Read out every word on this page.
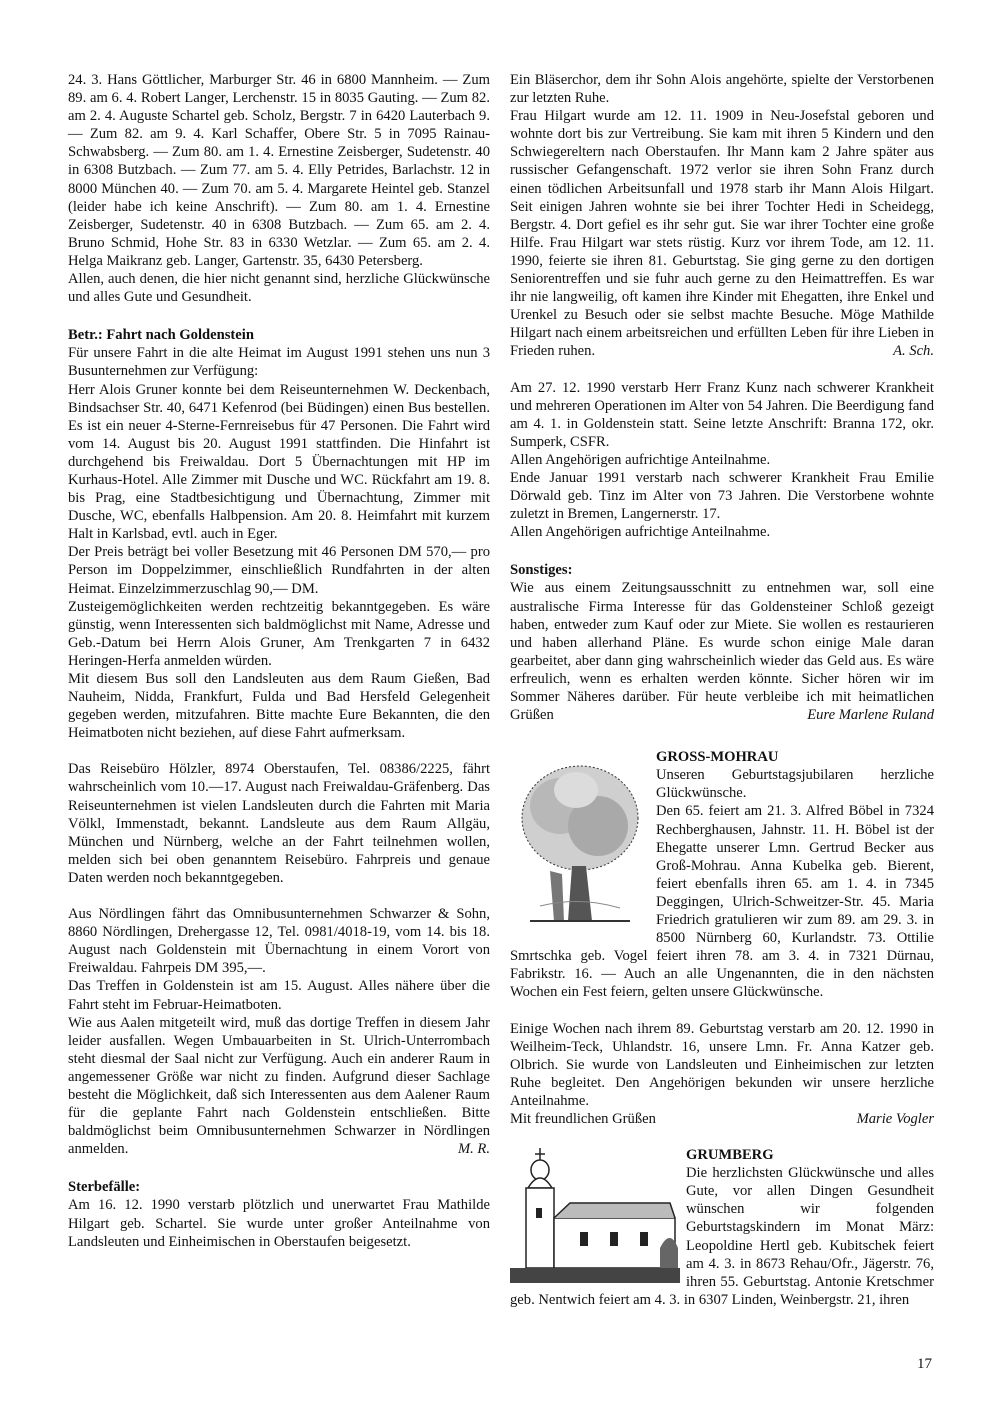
24. 3. Hans Göttlicher, Marburger Str. 46 in 6800 Mannheim. — Zum 89. am 6. 4. Robert Langer, Lerchenstr. 15 in 8035 Gauting. — Zum 82. am 2. 4. Auguste Schartel geb. Scholz, Bergstr. 7 in 6420 Lauterbach 9. — Zum 82. am 9. 4. Karl Schaffer, Obere Str. 5 in 7095 Rainau-Schwabsberg. — Zum 80. am 1. 4. Ernestine Zeisberger, Sudetenstr. 40 in 6308 Butzbach. — Zum 77. am 5. 4. Elly Petrides, Barlachstr. 12 in 8000 München 40. — Zum 70. am 5. 4. Margarete Heintel geb. Stanzel (leider habe ich keine Anschrift). — Zum 80. am 1. 4. Ernestine Zeisberger, Sudetenstr. 40 in 6308 Butzbach. — Zum 65. am 2. 4. Bruno Schmid, Hohe Str. 83 in 6330 Wetzlar. — Zum 65. am 2. 4. Helga Maikranz geb. Langer, Gartenstr. 35, 6430 Petersberg.

Allen, auch denen, die hier nicht genannt sind, herzliche Glückwünsche und alles Gute und Gesundheit.

Betr.: Fahrt nach Goldenstein

Für unsere Fahrt in die alte Heimat im August 1991 stehen uns nun 3 Busunternehmen zur Verfügung:

Herr Alois Gruner konnte bei dem Reiseunternehmen W. Deckenbach, Bindsachser Str. 40, 6471 Kefenrod (bei Büdingen) einen Bus bestellen. Es ist ein neuer 4-Sterne-Fernreisebus für 47 Personen. Die Fahrt wird vom 14. August bis 20. August 1991 stattfinden. Die Hinfahrt ist durchgehend bis Freiwaldau. Dort 5 Übernachtungen mit HP im Kurhaus-Hotel. Alle Zimmer mit Dusche und WC. Rückfahrt am 19. 8. bis Prag, eine Stadtbesichtigung und Übernachtung, Zimmer mit Dusche, WC, ebenfalls Halbpension. Am 20. 8. Heimfahrt mit kurzem Halt in Karlsbad, evtl. auch in Eger.

Der Preis beträgt bei voller Besetzung mit 46 Personen DM 570,— pro Person im Doppelzimmer, einschließlich Rundfahrten in der alten Heimat. Einzelzimmerzuschlag 90,— DM.

Zusteigemöglichkeiten werden rechtzeitig bekanntgegeben. Es wäre günstig, wenn Interessenten sich baldmöglichst mit Name, Adresse und Geb.-Datum bei Herrn Alois Gruner, Am Trenkgarten 7 in 6432 Heringen-Herfa anmelden würden.

Mit diesem Bus soll den Landsleuten aus dem Raum Gießen, Bad Nauheim, Nidda, Frankfurt, Fulda und Bad Hersfeld Gelegenheit gegeben werden, mitzufahren. Bitte machte Eure Bekannten, die den Heimatboten nicht beziehen, auf diese Fahrt aufmerksam.

Das Reisebüro Hölzler, 8974 Oberstaufen, Tel. 08386/2225, fährt wahrscheinlich vom 10.—17. August nach Freiwaldau-Gräfenberg. Das Reiseunternehmen ist vielen Landsleuten durch die Fahrten mit Maria Völkl, Immenstadt, bekannt. Landsleute aus dem Raum Allgäu, München und Nürnberg, welche an der Fahrt teilnehmen wollen, melden sich bei oben genanntem Reisebüro. Fahrpreis und genaue Daten werden noch bekanntgegeben.

Aus Nördlingen fährt das Omnibusunternehmen Schwarzer & Sohn, 8860 Nördlingen, Drehergasse 12, Tel. 0981/4018-19, vom 14. bis 18. August nach Goldenstein mit Übernachtung in einem Vorort von Freiwaldau. Fahrpeis DM 395,—.

Das Treffen in Goldenstein ist am 15. August. Alles nähere über die Fahrt steht im Februar-Heimatboten.

Wie aus Aalen mitgeteilt wird, muß das dortige Treffen in diesem Jahr leider ausfallen. Wegen Umbauarbeiten in St. Ulrich-Unterrombach steht diesmal der Saal nicht zur Verfügung. Auch ein anderer Raum in angemessener Größe war nicht zu finden. Aufgrund dieser Sachlage besteht die Möglichkeit, daß sich Interessenten aus dem Aalener Raum für die geplante Fahrt nach Goldenstein entschließen. Bitte baldmöglichst beim Omnibusunternehmen Schwarzer in Nördlingen anmelden.	M. R.

Sterbefälle:

Am 16. 12. 1990 verstarb plötzlich und unerwartet Frau Mathilde Hilgart geb. Schartel. Sie wurde unter großer Anteilnahme von Landsleuten und Einheimischen in Oberstaufen beigesetzt.

Ein Bläserchor, dem ihr Sohn Alois angehörte, spielte der Verstorbenen zur letzten Ruhe.

Frau Hilgart wurde am 12. 11. 1909 in Neu-Josefstal geboren und wohnte dort bis zur Vertreibung. Sie kam mit ihren 5 Kindern und den Schwiegereltern nach Oberstaufen. Ihr Mann kam 2 Jahre später aus russischer Gefangenschaft. 1972 verlor sie ihren Sohn Franz durch einen tödlichen Arbeitsunfall und 1978 starb ihr Mann Alois Hilgart. Seit einigen Jahren wohnte sie bei ihrer Tochter Hedi in Scheidegg, Bergstr. 4. Dort gefiel es ihr sehr gut. Sie war ihrer Tochter eine große Hilfe. Frau Hilgart war stets rüstig. Kurz vor ihrem Tode, am 12. 11. 1990, feierte sie ihren 81. Geburtstag. Sie ging gerne zu den dortigen Seniorentreffen und sie fuhr auch gerne zu den Heimattreffen. Es war ihr nie langweilig, oft kamen ihre Kinder mit Ehegatten, ihre Enkel und Urenkel zu Besuch oder sie selbst machte Besuche. Möge Mathilde Hilgart nach einem arbeitsreichen und erfüllten Leben für ihre Lieben in Frieden ruhen.	A. Sch.

Am 27. 12. 1990 verstarb Herr Franz Kunz nach schwerer Krankheit und mehreren Operationen im Alter von 54 Jahren. Die Beerdigung fand am 4. 1. in Goldenstein statt. Seine letzte Anschrift: Branna 172, okr. Sumperk, CSFR.

Allen Angehörigen aufrichtige Anteilnahme.

Ende Januar 1991 verstarb nach schwerer Krankheit Frau Emilie Dörwald geb. Tinz im Alter von 73 Jahren. Die Verstorbene wohnte zuletzt in Bremen, Langernerstr. 17.

Allen Angehörigen aufrichtige Anteilnahme.

Sonstiges:

Wie aus einem Zeitungsausschnitt zu entnehmen war, soll eine australische Firma Interesse für das Goldensteiner Schloß gezeigt haben, entweder zum Kauf oder zur Miete. Sie wollen es restaurieren und haben allerhand Pläne. Es wurde schon einige Male daran gearbeitet, aber dann ging wahrscheinlich wieder das Geld aus. Es wäre erfreulich, wenn es erhalten werden könnte. Sicher hören wir im Sommer Näheres darüber. Für heute verbleibe ich mit heimatlichen Grüßen	Eure Marlene Ruland

GROSS-MOHRAU

Unseren Geburtstagsjubilaren herzliche Glückwünsche.

Den 65. feiert am 21. 3. Alfred Böbel in 7324 Rechberghausen, Jahnstr. 11. H. Böbel ist der Ehegatte unserer Lmn. Gertrud Becker aus Groß-Mohrau. Anna Kubelka geb. Bierent, feiert ebenfalls ihren 65. am 1. 4. in 7345 Deggingen, Ulrich-Schweitzer-Str. 45. Maria Friedrich gratulieren wir zum 89. am 29. 3. in 8500 Nürnberg 60, Kurlandstr. 73. Ottilie Smrtschka geb. Vogel feiert ihren 78. am 3. 4. in 7321 Dürnau, Fabrikstr. 16. — Auch an alle Ungenannten, die in den nächsten Wochen ein Fest feiern, gelten unsere Glückwünsche.

Einige Wochen nach ihrem 89. Geburtstag verstarb am 20. 12. 1990 in Weilheim-Teck, Uhlandstr. 16, unsere Lmn. Fr. Anna Katzer geb. Olbrich. Sie wurde von Landsleuten und Einheimischen zur letzten Ruhe begleitet. Den Angehörigen bekunden wir unsere herzliche Anteilnahme.

Mit freundlichen Grüßen	Marie Vogler

GRUMBERG

Die herzlichsten Glückwünsche und alles Gute, vor allen Dingen Gesundheit wünschen wir folgenden Geburtstagskindern im Monat März: Leopoldine Hertl geb. Kubitschek feiert am 4. 3. in 8673 Rehau/Ofr., Jägerstr. 76, ihren 55. Geburtstag. Antonie Kretschmer geb. Nentwich feiert am 4. 3. in 6307 Linden, Weinbergstr. 21, ihren

17
